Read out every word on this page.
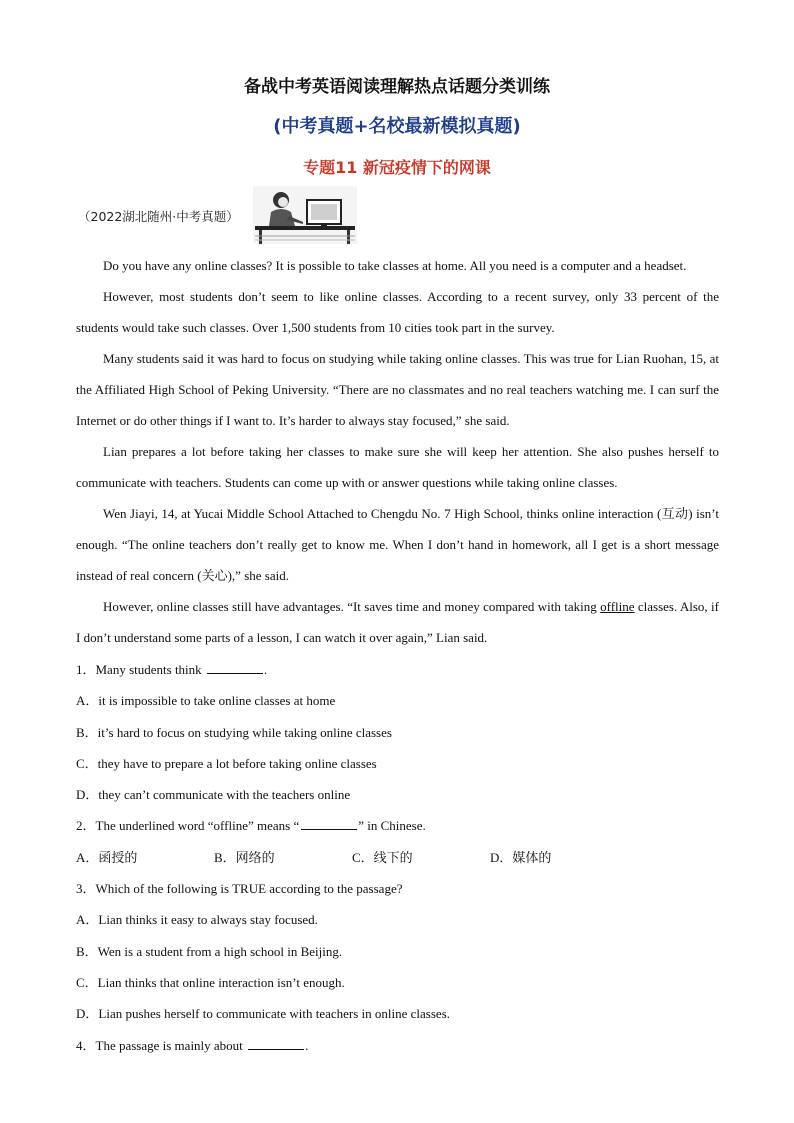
备战中考英语阅读理解热点话题分类训练
(中考真题+名校最新模拟真题)
专题11 新冠疫情下的网课
（2022湖北随州·中考真题）

Do you have any online classes? It is possible to take classes at home. All you need is a computer and a headset.

However, most students don’t seem to like online classes. According to a recent survey, only 33 percent of the students would take such classes. Over 1,500 students from 10 cities took part in the survey.

Many students said it was hard to focus on studying while taking online classes. This was true for Lian Ruohan, 15, at the Affiliated High School of Peking University. “There are no classmates and no real teachers watching me. I can surf the Internet or do other things if I want to. It’s harder to always stay focused,” she said.

Lian prepares a lot before taking her classes to make sure she will keep her attention. She also pushes herself to communicate with teachers. Students can come up with or answer questions while taking online classes.

Wen Jiayi, 14, at Yucai Middle School Attached to Chengdu No. 7 High School, thinks online interaction (互动) isn’t enough. “The online teachers don’t really get to know me. When I don’t hand in homework, all I get is a short message instead of real concern (关心),” she said.

However, online classes still have advantages. “It saves time and money compared with taking offline classes. Also, if I don’t understand some parts of a lesson, I can watch it over again,” Lian said.

1．Many students think	.
A．it is impossible to take online classes at home
B．it’s hard to focus on studying while taking online classes
C．they have to prepare a lot before taking online classes
D．they can’t communicate with the teachers online
2．The underlined word “offline” means “	” in Chinese.
A．函授的	B．网络的	C．线下的	D．媒体的
3．Which of the following is TRUE according to the passage?
A．Lian thinks it easy to always stay focused.
B．Wen is a student from a high school in Beijing.
C．Lian thinks that online interaction isn’t enough.
D．Lian pushes herself to communicate with teachers in online classes.
4．The passage is mainly about	.
